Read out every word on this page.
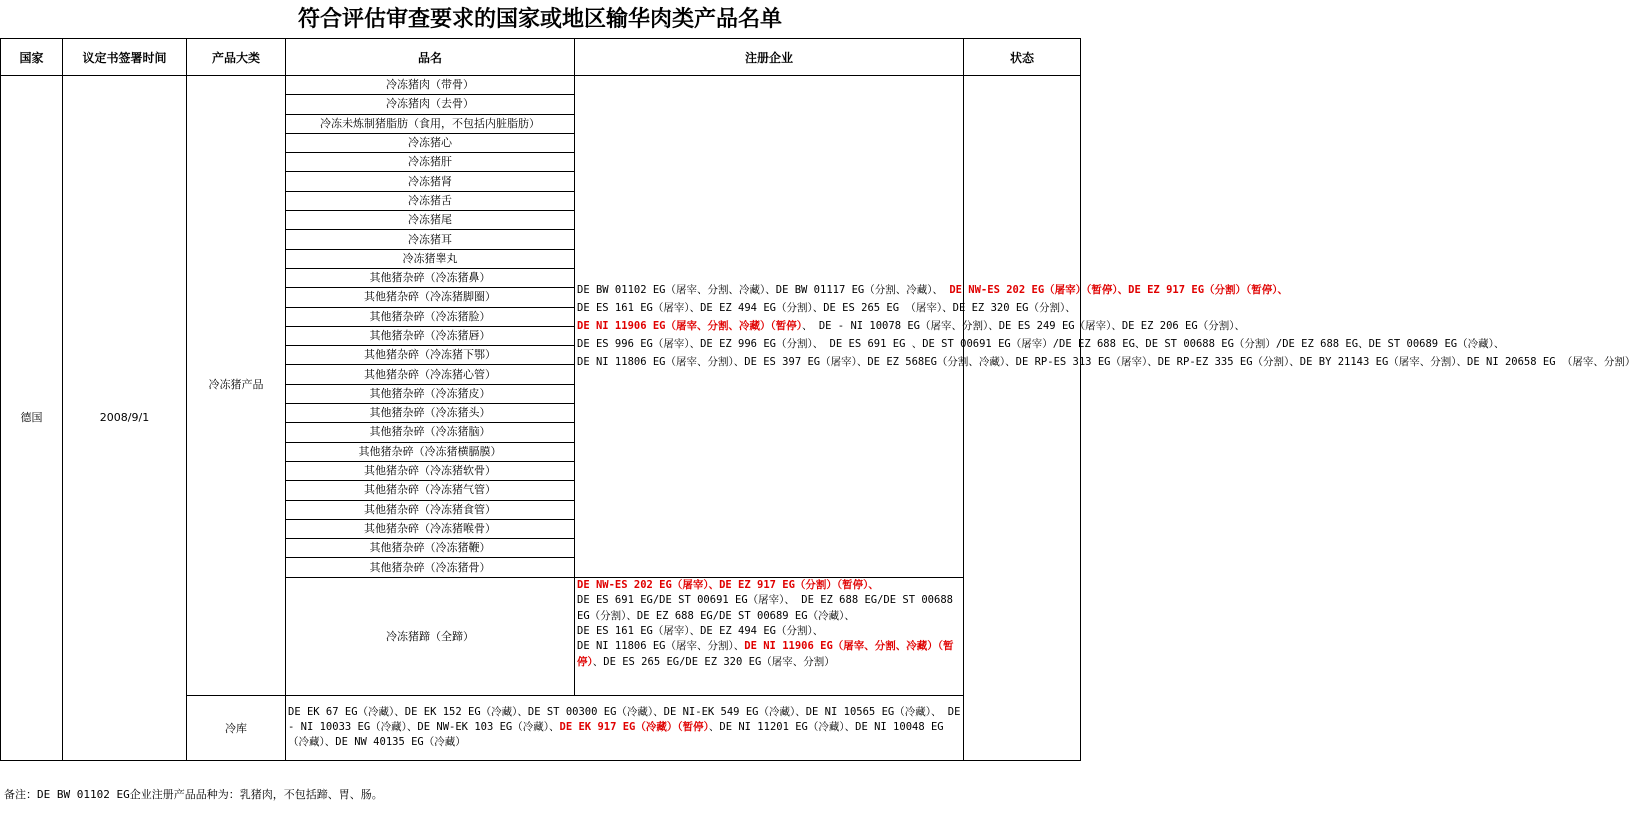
符合评估审查要求的国家或地区输华肉类产品名单
国家	议定书签署时间	产品大类	品名	注册企业	状态
德国	2008/9/1	冷冻猪产品	冷冻猪肉（带骨）	DE BW 01102 EG（屠宰、分割、冷藏）、DE BW 01117 EG（分割、冷藏）、 DE NW-ES 202 EG（屠宰）（暂停）、DE EZ 917 EG（分割）（暂停）、
DE ES 161 EG（屠宰）、DE EZ 494 EG（分割）、DE ES 265 EG （屠宰）、DE EZ 320 EG（分割）、
DE NI 11906 EG（屠宰、分割、冷藏）（暂停）、 DE - NI 10078 EG（屠宰、分割）、DE ES 249 EG（屠宰）、DE EZ 206 EG（分割）、
DE ES 996 EG（屠宰）、DE EZ 996 EG（分割）、 DE ES 691 EG 、DE ST 00691 EG（屠宰）/DE EZ 688 EG、DE ST 00688 EG（分割）/DE EZ 688 EG、DE ST 00689 EG（冷藏）、
DE NI 11806 EG（屠宰、分割）、DE ES 397 EG（屠宰）、DE EZ 568EG（分割、冷藏）、DE RP-ES 313 EG（屠宰）、DE RP-EZ 335 EG（分割）、DE BY 21143 EG（屠宰、分割）、DE NI 20658 EG （屠宰、分割）	
			冷冻猪肉（去骨）		
			冷冻未炼制猪脂肪（食用，不包括内脏脂肪）		
			冷冻猪心		
			冷冻猪肝		
			冷冻猪肾		
			冷冻猪舌		
			冷冻猪尾		
			冷冻猪耳		
			冷冻猪睾丸		
			其他猪杂碎（冷冻猪鼻）		
			其他猪杂碎（冷冻猪脚圈）		
			其他猪杂碎（冷冻猪脸）		
			其他猪杂碎（冷冻猪唇）		
			其他猪杂碎（冷冻猪下鄂）		
			其他猪杂碎（冷冻猪心管）		
			其他猪杂碎（冷冻猪皮）		
			其他猪杂碎（冷冻猪头）		
			其他猪杂碎（冷冻猪脑）		
			其他猪杂碎（冷冻猪横膈膜）		
			其他猪杂碎（冷冻猪软骨）		
			其他猪杂碎（冷冻猪气管）		
			其他猪杂碎（冷冻猪食管）		
			其他猪杂碎（冷冻猪喉骨）		
			其他猪杂碎（冷冻猪鞭）		
			其他猪杂碎（冷冻猪骨）		
			冷冻猪蹄（全蹄）	DE NW-ES 202 EG（屠宰）、DE EZ 917 EG（分割）（暂停）、
DE ES 691 EG/DE ST 00691 EG（屠宰）、 DE EZ 688 EG/DE ST 00688 EG（分割）、DE EZ 688 EG/DE ST 00689 EG（冷藏）、
DE ES 161 EG（屠宰）、DE EZ 494 EG（分割）、
DE NI 11806 EG（屠宰、分割）、DE NI 11906 EG（屠宰、分割、冷藏）（暂停）、DE ES 265 EG/DE EZ 320 EG（屠宰、分割）	
		冷库	DE EK 67 EG（冷藏）、DE EK 152 EG（冷藏）、DE ST 00300 EG（冷藏）、DE NI-EK 549 EG（冷藏）、DE NI 10565 EG（冷藏）、 DE - NI 10033 EG（冷藏）、DE NW-EK 103 EG（冷藏）、DE EK 917 EG（冷藏）（暂停）、DE NI 11201 EG（冷藏）、DE NI 10048 EG（冷藏）、DE NW 40135 EG（冷藏）		
备注：DE BW 01102 EG企业注册产品品种为：乳猪肉，不包括蹄、胃、肠。
